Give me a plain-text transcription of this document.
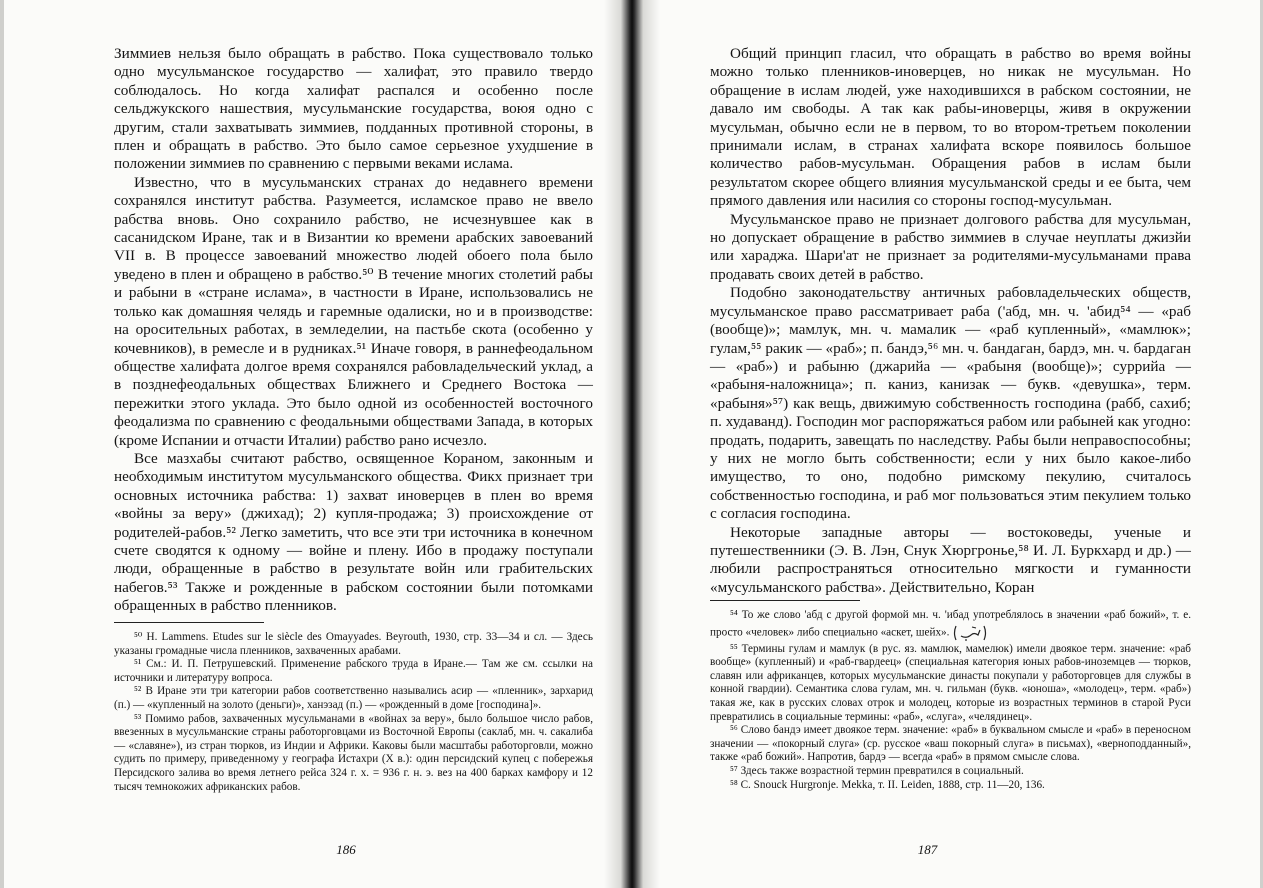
Зиммиев нельзя было обращать в рабство. Пока существовало только одно мусульманское государство — халифат, это правило твердо соблюдалось. Но когда халифат распался и особенно после сельджукского нашествия, мусульманские государства, воюя одно с другим, стали захватывать зиммиев, подданных противной стороны, в плен и обращать в рабство. Это было самое серьезное ухудшение в положении зиммиев по сравнению с первыми веками ислама.

Известно, что в мусульманских странах до недавнего времени сохранялся институт рабства. Разумеется, исламское право не ввело рабства вновь. Оно сохранило рабство, не исчезнувшее как в сасанидском Иране, так и в Византии ко времени арабских завоеваний VII в. В процессе завоеваний множество людей обоего пола было уведено в плен и обращено в рабство.⁵⁰ В течение многих столетий рабы и рабыни в «стране ислама», в частности в Иране, использовались не только как домашняя челядь и гаремные одалиски, но и в производстве: на оросительных работах, в земледелии, на пастьбе скота (особенно у кочевников), в ремесле и в рудниках.⁵¹ Иначе говоря, в раннефеодальном обществе халифата долгое время сохранялся рабовладельческий уклад, а в позднефеодальных обществах Ближнего и Среднего Востока — пережитки этого уклада. Это было одной из особенностей восточного феодализма по сравнению с феодальными обществами Запада, в которых (кроме Испании и отчасти Италии) рабство рано исчезло.

Все мазхабы считают рабство, освященное Кораном, законным и необходимым институтом мусульманского общества. Фикх признает три основных источника рабства: 1) захват иноверцев в плен во время «войны за веру» (джихад); 2) купля-продажа; 3) происхождение от родителей-рабов.⁵² Легко заметить, что все эти три источника в конечном счете сводятся к одному — войне и плену. Ибо в продажу поступали люди, обращенные в рабство в результате войн или грабительских набегов.⁵³ Также и рожденные в рабском состоянии были потомками обращенных в рабство пленников.

⁵⁰ H. Lammens. Etudes sur le siècle des Omayyades. Beyrouth, 1930, стр. 33—34 и сл. — Здесь указаны громадные числа пленников, захваченных арабами.

⁵¹ См.: И. П. Петрушевский. Применение рабского труда в Иране.— Там же см. ссылки на источники и литературу вопроса.

⁵² В Иране эти три категории рабов соответственно назывались асир — «пленник», зархарид (п.) — «купленный на золото (деньги)», ханэзад (п.) — «рожденный в доме [господина]».

⁵³ Помимо рабов, захваченных мусульманами в «войнах за веру», было большое число рабов, ввезенных в мусульманские страны работорговцами из Восточной Европы (саклаб, мн. ч. сакалиба — «славяне»), из стран тюрков, из Индии и Африки. Каковы были масштабы работорговли, можно судить по примеру, приведенному у географа Истахри (X в.): один персидский купец с побережья Персидского залива во время летнего рейса 324 г. х. = 936 г. н. э. вез на 400 барках камфору и 12 тысяч темнокожих африканских рабов.

186

Общий принцип гласил, что обращать в рабство во время войны можно только пленников-иноверцев, но никак не мусульман. Но обращение в ислам людей, уже находившихся в рабском состоянии, не давало им свободы. А так как рабы-иноверцы, живя в окружении мусульман, обычно если не в первом, то во втором-третьем поколении принимали ислам, в странах халифата вскоре появилось большое количество рабов-мусульман. Обращения рабов в ислам были результатом скорее общего влияния мусульманской среды и ее быта, чем прямого давления или насилия со стороны господ-мусульман.

Мусульманское право не признает долгового рабства для мусульман, но допускает обращение в рабство зиммиев в случае неуплаты джизйи или хараджа. Шари'ат не признает за родителями-мусульманами права продавать своих детей в рабство.

Подобно законодательству античных рабовладельческих обществ, мусульманское право рассматривает раба ('абд, мн. ч. 'абид⁵⁴ — «раб (вообще)»; мамлук, мн. ч. мамалик — «раб купленный», «мамлюк»; гулам,⁵⁵ ракик — «раб»; п. бандэ,⁵⁶ мн. ч. бандаган, бардэ, мн. ч. бардаган — «раб») и рабыню (джарийа — «рабыня (вообще)»; суррийа — «рабыня-наложница»; п. каниз, канизак — букв. «девушка», терм. «рабыня»⁵⁷) как вещь, движимую собственность господина (рабб, сахиб; п. худаванд). Господин мог распоряжаться рабом или рабыней как угодно: продать, подарить, завещать по наследству. Рабы были неправоспособны; у них не могло быть собственности; если у них было какое-либо имущество, то оно, подобно римскому пекулию, считалось собственностью господина, и раб мог пользоваться этим пекулием только с согласия господина.

Некоторые западные авторы — востоковеды, ученые и путешественники (Э. В. Лэн, Снук Хюргронье,⁵⁸ И. Л. Буркхард и др.) — любили распространяться относительно мягкости и гуманности «мусульманского рабства». Действительно, Коран

⁵⁴ То же слово 'абд с другой формой мн. ч. 'ибад употреблялось в значении «раб божий», т. е. просто «человек» либо специально «аскет, шейх».

⁵⁵ Термины гулам и мамлук (в рус. яз. мамлюк, мамелюк) имели двоякое терм. значение: «раб вообще» (купленный) и «раб-гвардеец» (специальная категория юных рабов-иноземцев — тюрков, славян или африканцев, которых мусульманские династы покупали у работорговцев для службы в конной гвардии). Семантика слова гулам, мн. ч. гильман (букв. «юноша», «молодец», терм. «раб») такая же, как в русских словах отрок и молодец, которые из возрастных терминов в старой Руси превратились в социальные термины: «раб», «слуга», «челядинец».

⁵⁶ Слово бандэ имеет двоякое терм. значение: «раб» в буквальном смысле и «раб» в переносном значении — «покорный слуга» (ср. русское «ваш покорный слуга» в письмах), «верноподданный», также «раб божий». Напротив, бардэ — всегда «раб» в прямом смысле слова.

⁵⁷ Здесь также возрастной термин превратился в социальный.

⁵⁸ C. Snouck Hurgronje. Mekka, т. II. Leiden, 1888, стр. 11—20, 136.

187
